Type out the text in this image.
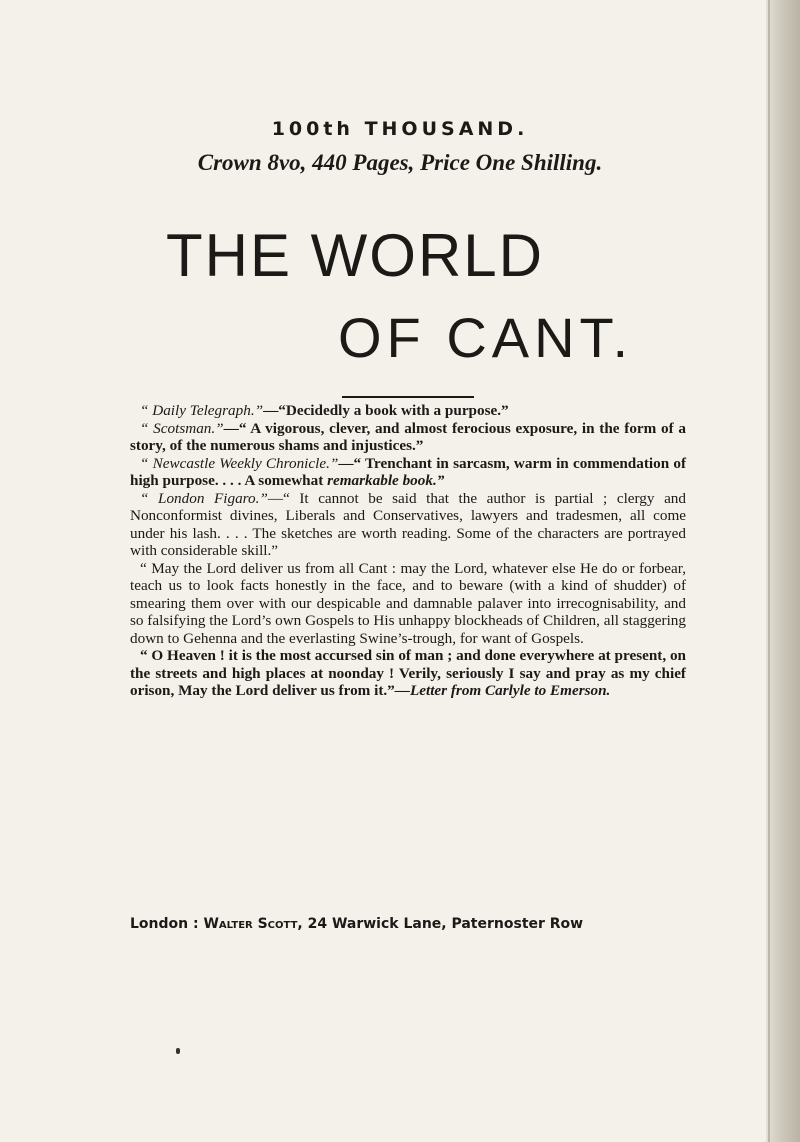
100th THOUSAND.
Crown 8vo, 440 Pages, Price One Shilling.
THE WORLD
OF CANT.

“ Daily Telegraph.”—“Decidedly a book with a purpose.”

“ Scotsman.”—“ A vigorous, clever, and almost ferocious exposure, in the form of a story, of the numerous shams and injustices.”

“ Newcastle Weekly Chronicle.”—“ Trenchant in sarcasm, warm in commendation of high purpose. . . . A somewhat remarkable book.”

“ London Figaro.”—“ It cannot be said that the author is partial ; clergy and Nonconformist divines, Liberals and Conservatives, lawyers and tradesmen, all come under his lash. . . . The sketches are worth reading. Some of the characters are portrayed with considerable skill.”

“ May the Lord deliver us from all Cant : may the Lord, whatever else He do or forbear, teach us to look facts honestly in the face, and to beware (with a kind of shudder) of smearing them over with our despicable and damnable palaver into irrecognisability, and so falsifying the Lord’s own Gospels to His unhappy blockheads of Children, all staggering down to Gehenna and the everlasting Swine’s-trough, for want of Gospels.

“ O Heaven ! it is the most accursed sin of man ; and done everywhere at present, on the streets and high places at noonday ! Verily, seriously I say and pray as my chief orison, May the Lord deliver us from it.”—Letter from Carlyle to Emerson.

London : Walter Scott, 24 Warwick Lane, Paternoster Row
